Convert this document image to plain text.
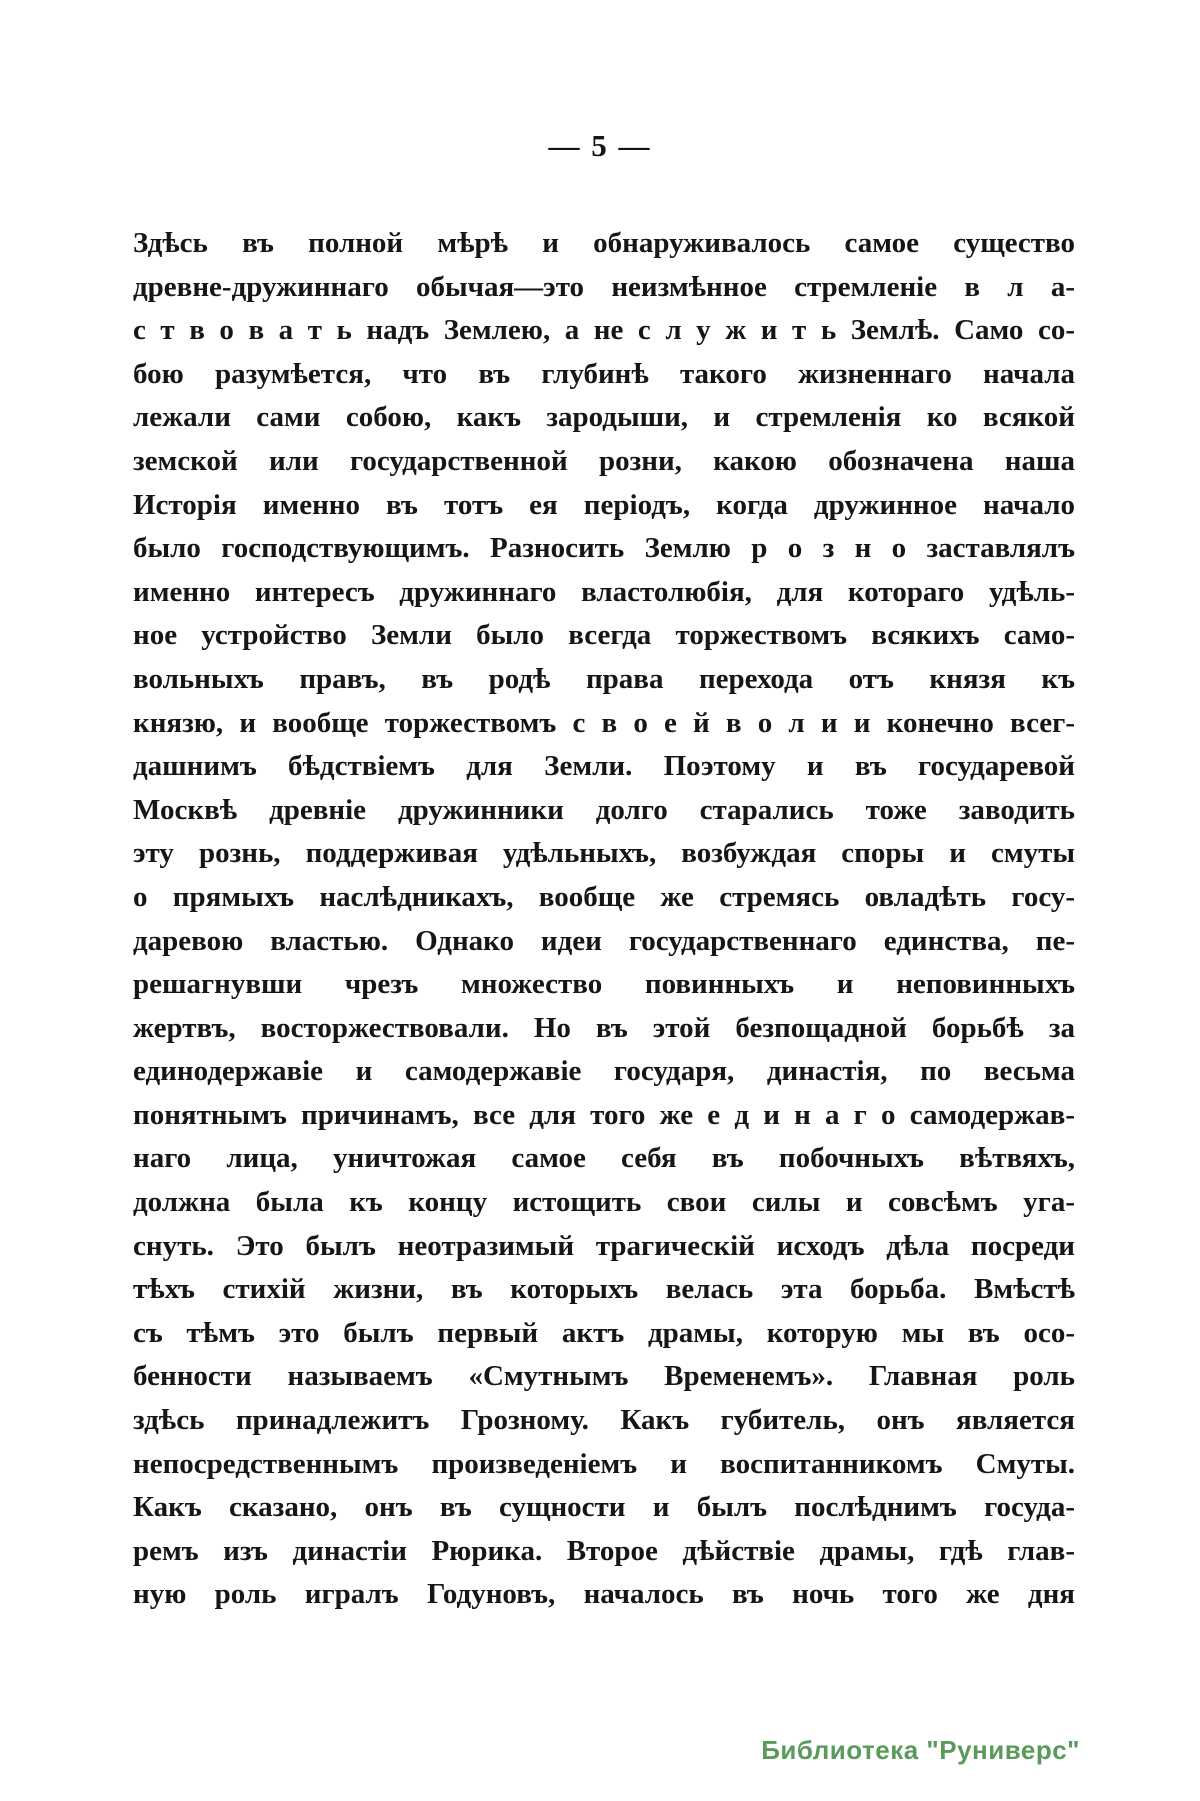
— 5 —
Здѣсь въ полной мѣрѣ и обнаруживалось самое существо
древне-дружиннаго обычая—это неизмѣнное стремленіе в л а-
с т в о в а т ь надъ Землею, а не с л у ж и т ь Землѣ. Само со-
бою разумѣется, что въ глубинѣ такого жизненнаго начала
лежали сами собою, какъ зародыши, и стремленія ко всякой
земской или государственной розни, какою обозначена наша
Исторія именно въ тотъ ея періодъ, когда дружинное начало
было господствующимъ. Разносить Землю р о з н о заставлялъ
именно интересъ дружиннаго властолюбія, для котораго удѣль-
ное устройство Земли было всегда торжествомъ всякихъ само-
вольныхъ правъ, въ родѣ права перехода отъ князя къ
князю, и вообще торжествомъ с в о е й в о л и и конечно всег-
дашнимъ бѣдствіемъ для Земли. Поэтому и въ государевой
Москвѣ древніе дружинники долго старались тоже заводить
эту рознь, поддерживая удѣльныхъ, возбуждая споры и смуты
о прямыхъ наслѣдникахъ, вообще же стремясь овладѣть госу-
даревою властью. Однако идеи государственнаго единства, пе-
решагнувши чрезъ множество повинныхъ и неповинныхъ
жертвъ, восторжествовали. Но въ этой безпощадной борьбѣ за
единодержавіе и самодержавіе государя, династія, по весьма
понятнымъ причинамъ, все для того же е д и н а г о самодержав-
наго лица, уничтожая самое себя въ побочныхъ вѣтвяхъ,
должна была къ концу истощить свои силы и совсѣмъ уга-
снуть. Это былъ неотразимый трагическій исходъ дѣла посреди
тѣхъ стихій жизни, въ которыхъ велась эта борьба. Вмѣстѣ
съ тѣмъ это былъ первый актъ драмы, которую мы въ осо-
бенности называемъ «Смутнымъ Временемъ». Главная роль
здѣсь принадлежитъ Грозному. Какъ губитель, онъ является
непосредственнымъ произведеніемъ и воспитанникомъ Смуты.
Какъ сказано, онъ въ сущности и былъ послѣднимъ госуда-
ремъ изъ династіи Рюрика. Второе дѣйствіе драмы, гдѣ глав-
ную роль игралъ Годуновъ, началось въ ночь того же дня
Библиотека "Руниверс"
